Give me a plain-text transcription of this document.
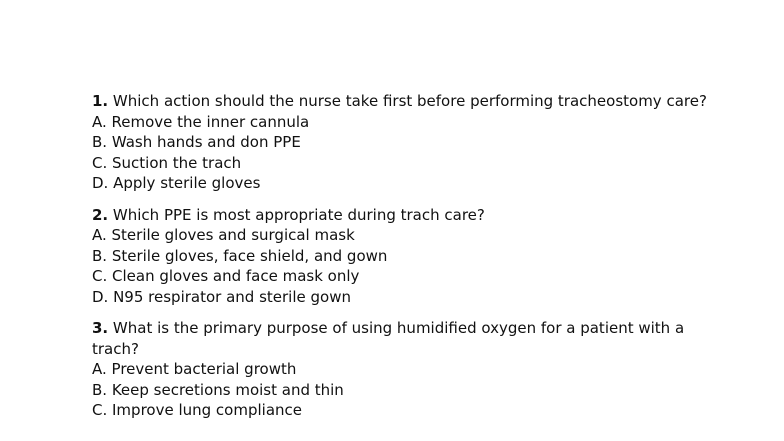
1. Which action should the nurse take first before performing tracheostomy care?
A. Remove the inner cannula
B. Wash hands and don PPE
C. Suction the trach
D. Apply sterile gloves
2. Which PPE is most appropriate during trach care?
A. Sterile gloves and surgical mask
B. Sterile gloves, face shield, and gown
C. Clean gloves and face mask only
D. N95 respirator and sterile gown
3. What is the primary purpose of using humidified oxygen for a patient with a trach?
A. Prevent bacterial growth
B. Keep secretions moist and thin
C. Improve lung compliance
